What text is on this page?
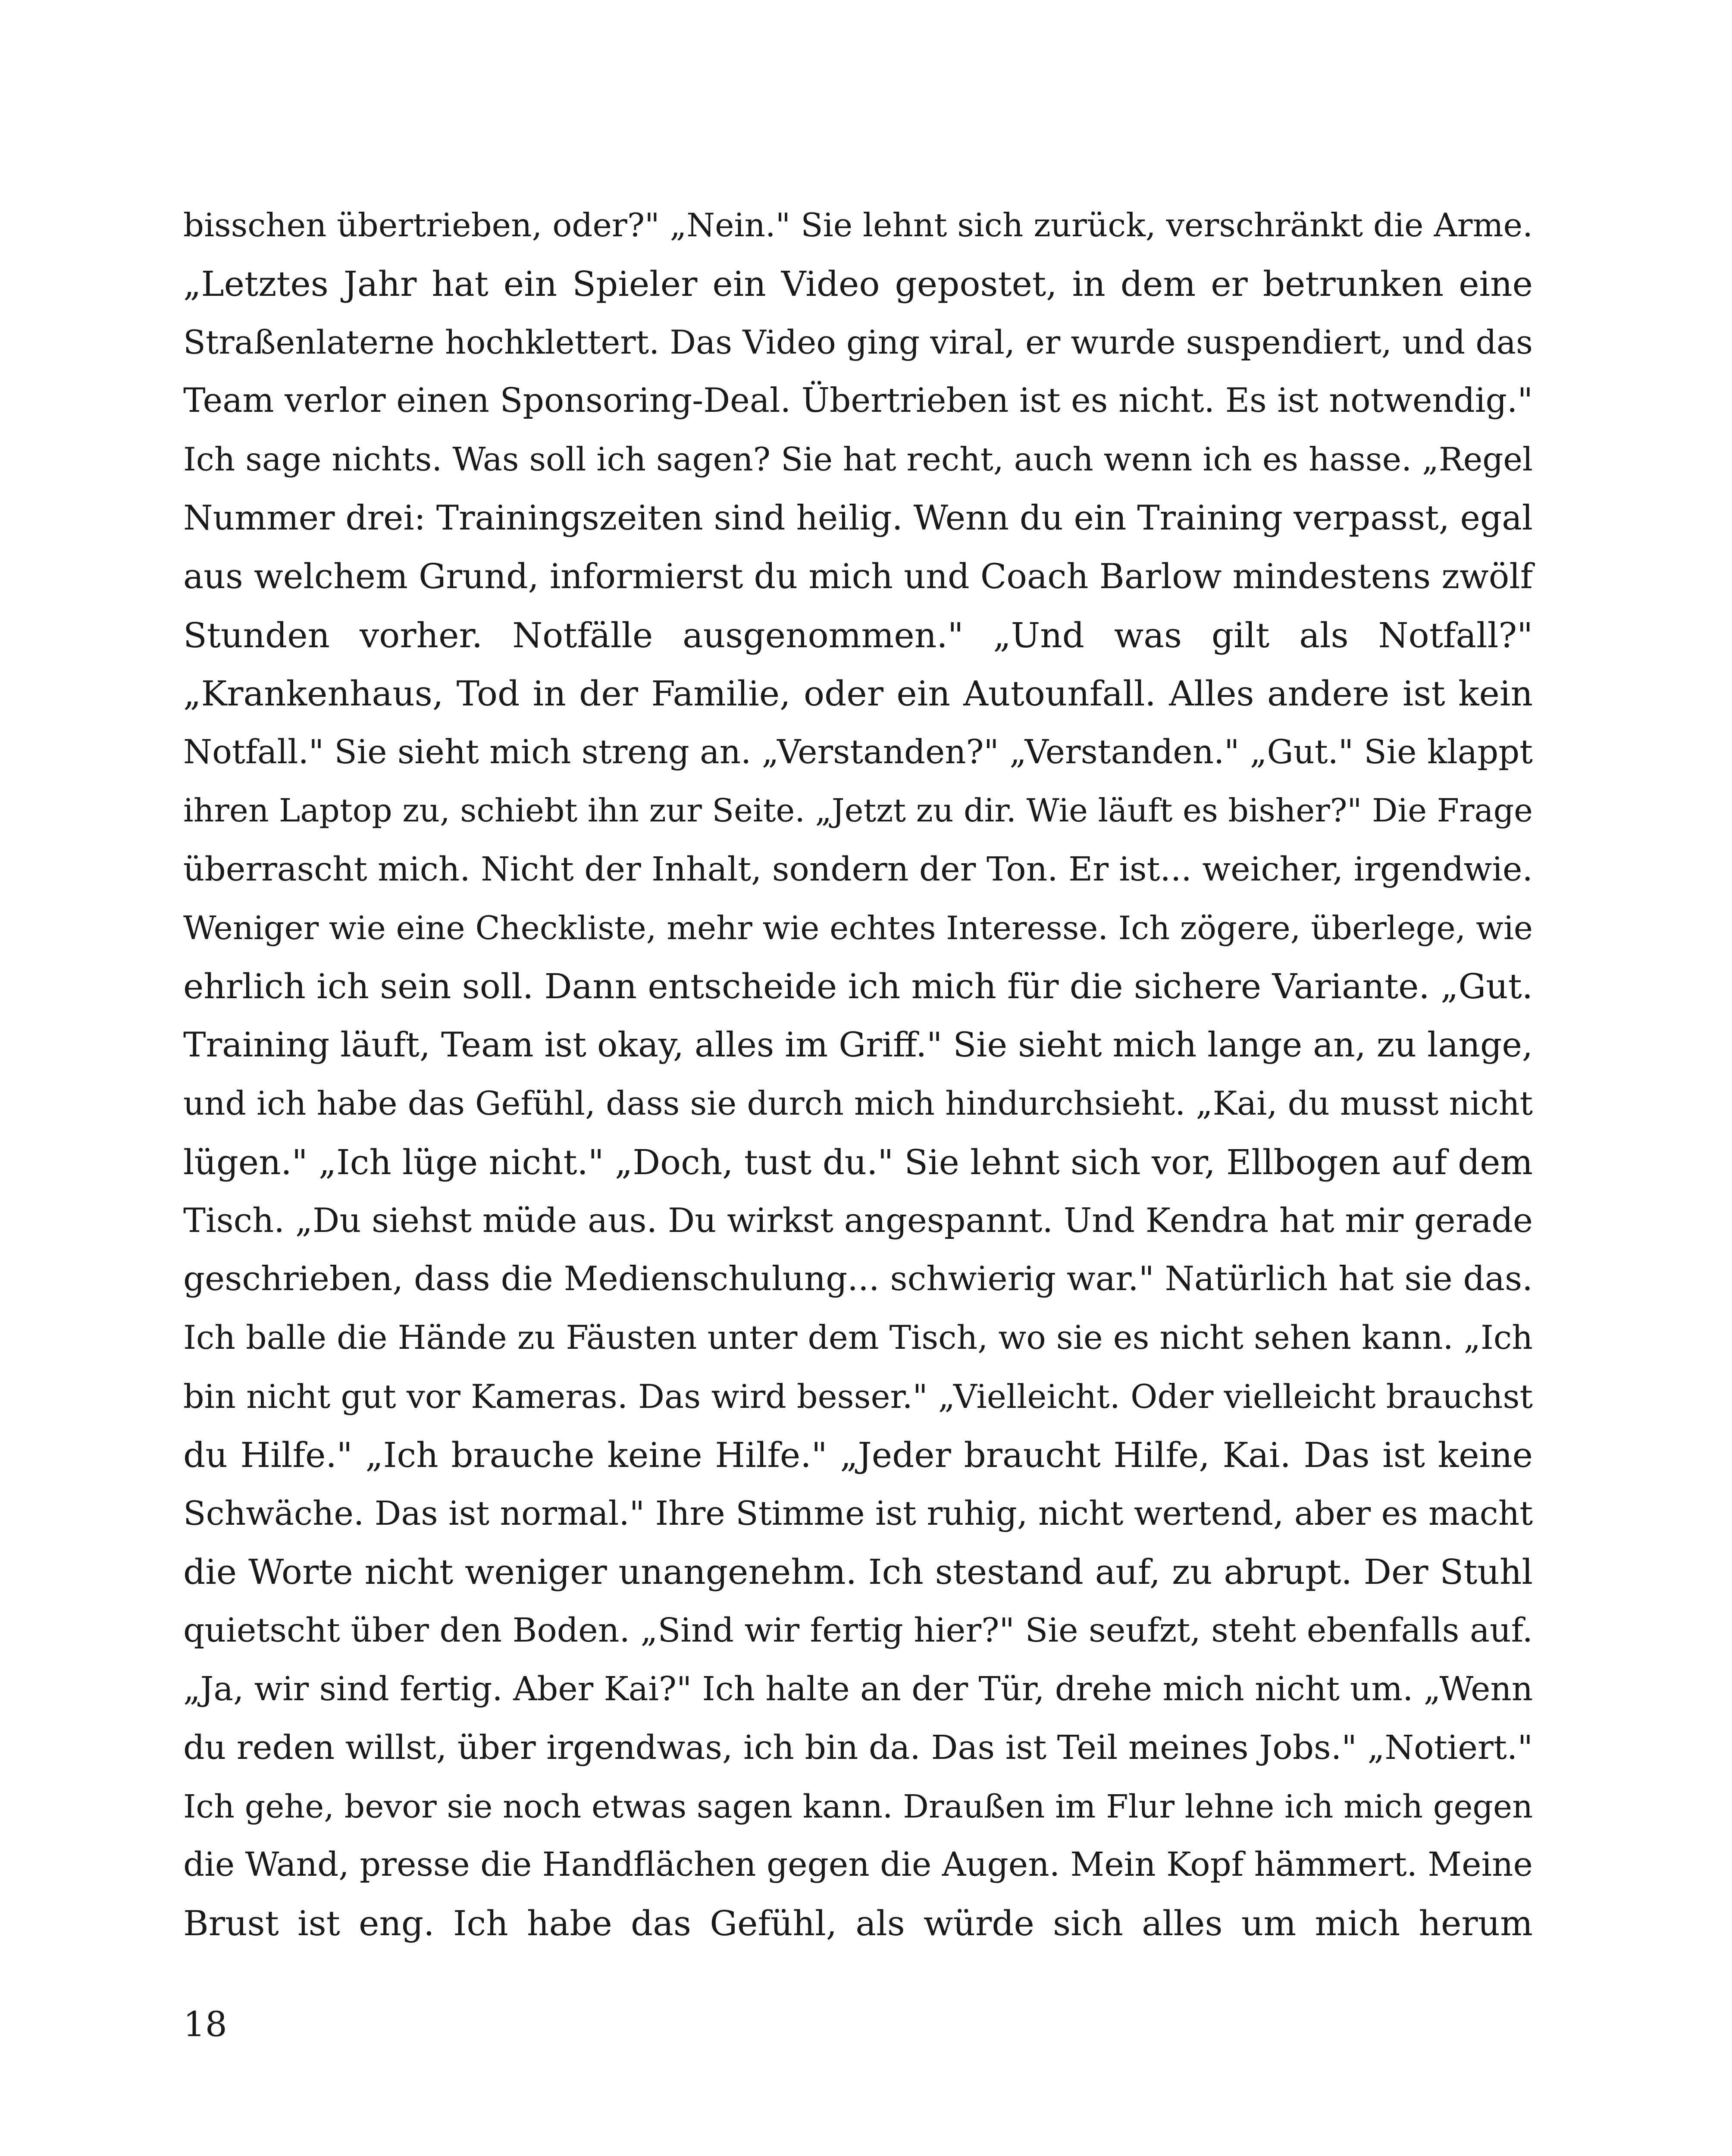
bisschen übertrieben, oder?" „Nein." Sie lehnt sich zurück, verschränkt die Arme.
„Letztes Jahr hat ein Spieler ein Video gepostet, in dem er betrunken eine
Straßenlaterne hochklettert. Das Video ging viral, er wurde suspendiert, und das
Team verlor einen Sponsoring-Deal. Übertrieben ist es nicht. Es ist notwendig."
Ich sage nichts. Was soll ich sagen? Sie hat recht, auch wenn ich es hasse. „Regel
Nummer drei: Trainingszeiten sind heilig. Wenn du ein Training verpasst, egal
aus welchem Grund, informierst du mich und Coach Barlow mindestens zwölf
Stunden vorher. Notfälle ausgenommen." „Und was gilt als Notfall?"
„Krankenhaus, Tod in der Familie, oder ein Autounfall. Alles andere ist kein
Notfall." Sie sieht mich streng an. „Verstanden?" „Verstanden." „Gut." Sie klappt
ihren Laptop zu, schiebt ihn zur Seite. „Jetzt zu dir. Wie läuft es bisher?" Die Frage
überrascht mich. Nicht der Inhalt, sondern der Ton. Er ist... weicher, irgendwie.
Weniger wie eine Checkliste, mehr wie echtes Interesse. Ich zögere, überlege, wie
ehrlich ich sein soll. Dann entscheide ich mich für die sichere Variante. „Gut.
Training läuft, Team ist okay, alles im Griff." Sie sieht mich lange an, zu lange,
und ich habe das Gefühl, dass sie durch mich hindurchsieht. „Kai, du musst nicht
lügen." „Ich lüge nicht." „Doch, tust du." Sie lehnt sich vor, Ellbogen auf dem
Tisch. „Du siehst müde aus. Du wirkst angespannt. Und Kendra hat mir gerade
geschrieben, dass die Medienschulung... schwierig war." Natürlich hat sie das.
Ich balle die Hände zu Fäusten unter dem Tisch, wo sie es nicht sehen kann. „Ich
bin nicht gut vor Kameras. Das wird besser." „Vielleicht. Oder vielleicht brauchst
du Hilfe." „Ich brauche keine Hilfe." „Jeder braucht Hilfe, Kai. Das ist keine
Schwäche. Das ist normal." Ihre Stimme ist ruhig, nicht wertend, aber es macht
die Worte nicht weniger unangenehm. Ich stestand auf, zu abrupt. Der Stuhl
quietscht über den Boden. „Sind wir fertig hier?" Sie seufzt, steht ebenfalls auf.
„Ja, wir sind fertig. Aber Kai?" Ich halte an der Tür, drehe mich nicht um. „Wenn
du reden willst, über irgendwas, ich bin da. Das ist Teil meines Jobs." „Notiert."
Ich gehe, bevor sie noch etwas sagen kann. Draußen im Flur lehne ich mich gegen
die Wand, presse die Handflächen gegen die Augen. Mein Kopf hämmert. Meine
Brust ist eng. Ich habe das Gefühl, als würde sich alles um mich herum
18
